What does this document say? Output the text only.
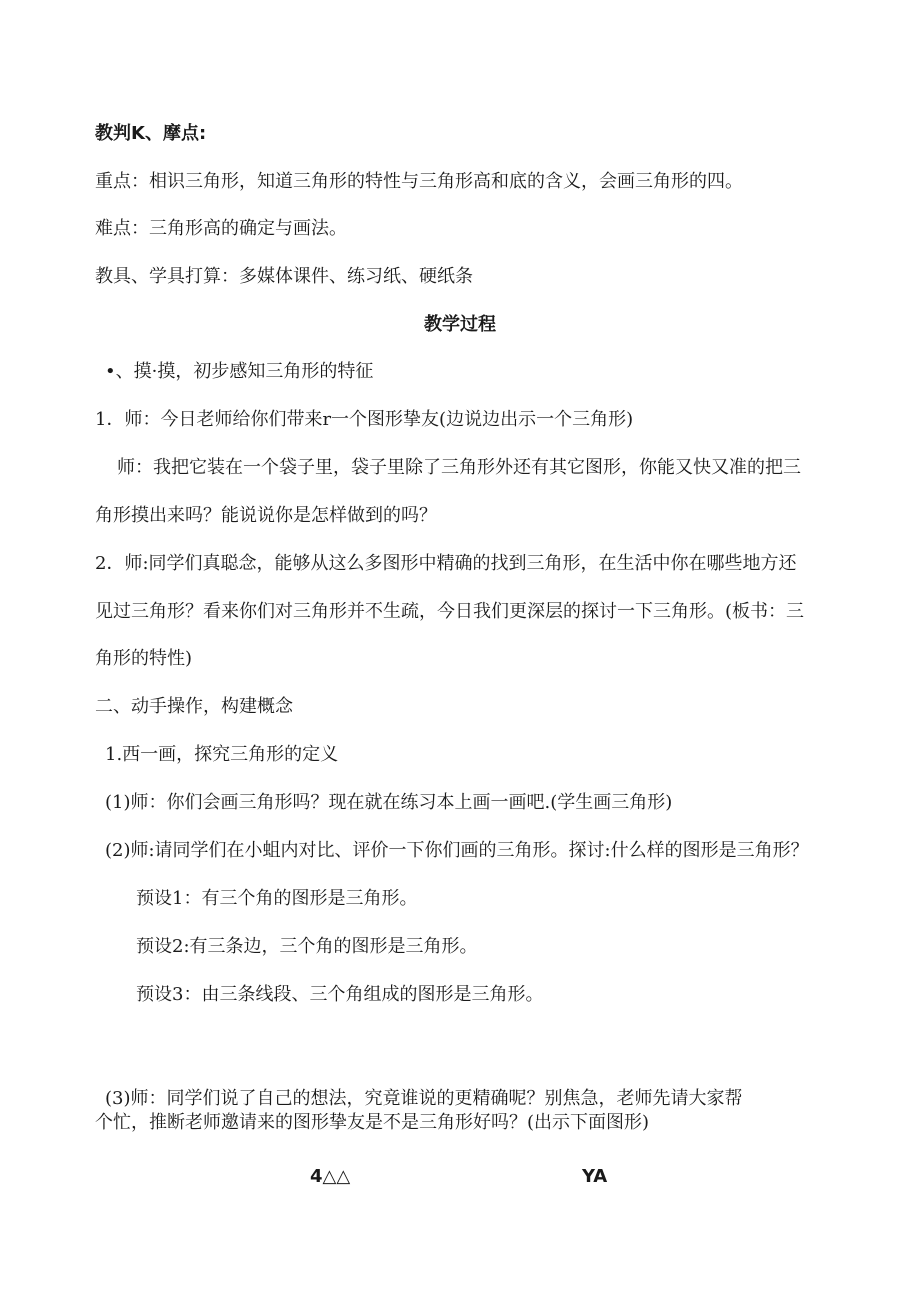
教判K、摩点:
重点：相识三角形，知道三角形的特性与三角形高和底的含义，会画三角形的四。
难点：三角形高的确定与画法。
教具、学具打算：多媒体课件、练习纸、硬纸条
教学过程
•、摸·摸，初步感知三角形的特征
1．师：今日老师给你们带来r一个图形挚友(边说边出示一个三角形)
师：我把它装在一个袋子里，袋子里除了三角形外还有其它图形，你能又快又准的把三
角形摸出来吗？能说说你是怎样做到的吗？
2．师:同学们真聪念，能够从这么多图形中精确的找到三角形，在生活中你在哪些地方还
见过三角形？看来你们对三角形并不生疏，今日我们更深层的探讨一下三角形。(板书：三
角形的特性)
二、动手操作，构建概念
1.西一画，探究三角形的定义
(1)师：你们会画三角形吗？现在就在练习本上画一画吧.(学生画三角形)
(2)师:请同学们在小蛆内对比、评价一下你们画的三角形。探讨:什么样的图形是三角形？
预设1：有三个角的图形是三角形。
预设2:有三条边，三个角的图形是三角形。
预设3：由三条线段、三个角组成的图形是三角形。
(3)师：同学们说了自己的想法，究竟谁说的更精确呢？别焦急，老师先请大家帮
个忙，推断老师邀请来的图形挚友是不是三角形好吗？(出示下面图形)
4△△	YA
